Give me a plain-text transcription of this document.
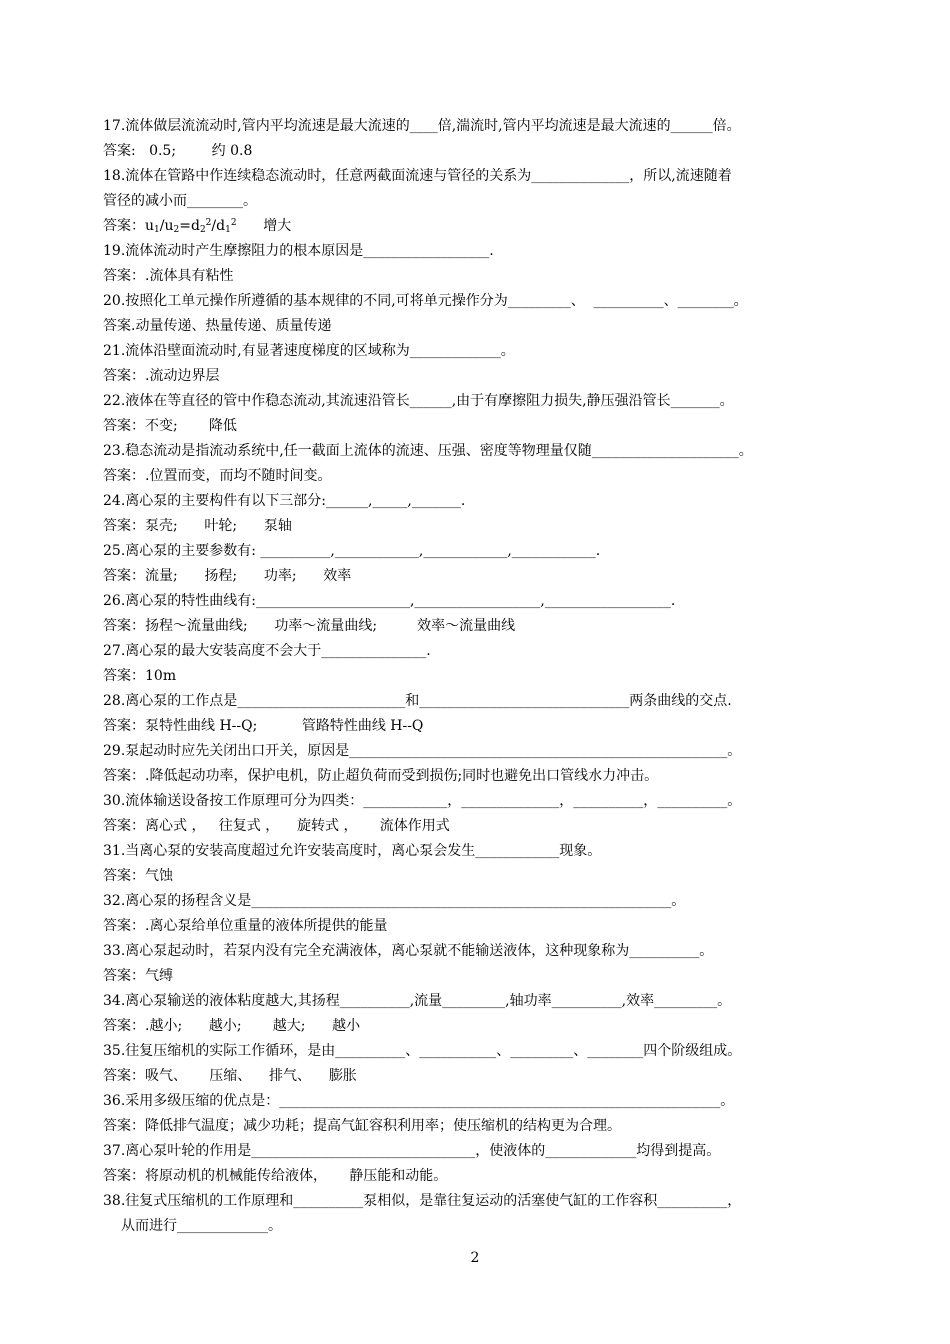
17.流体做层流流动时,管内平均流速是最大流速的____倍,湍流时,管内平均流速是最大流速的______倍。
答案:   0.5;        约 0.8
18.流体在管路中作连续稳态流动时，任意两截面流速与管径的关系为______________，所以,流速随着
管径的减小而________。
答案：$u_1/u_2=d_2^2/d_1^2$      增大
19.流体流动时产生摩擦阻力的根本原因是__________________.
答案：.流体具有粘性
20.按照化工单元操作所遵循的基本规律的不同,可将单元操作分为_________、  __________、________。
答案.动量传递、热量传递、质量传递
21.流体沿壁面流动时,有显著速度梯度的区域称为_____________。
答案：.流动边界层
22.液体在等直径的管中作稳态流动,其流速沿管长______,由于有摩擦阻力损失,静压强沿管长_______。
答案：不变;       降低
23.稳态流动是指流动系统中,任一截面上流体的流速、压强、密度等物理量仅随_____________________。
答案：.位置而变，而均不随时间变。
24.离心泵的主要构件有以下三部分:______,_____,_______.
答案：泵壳;      叶轮;      泵轴
25.离心泵的主要参数有: __________,____________,____________,____________.
答案：流量;      扬程;      功率;      效率
26.离心泵的特性曲线有:______________________,__________________,__________________.
答案：扬程～流量曲线;      功率～流量曲线;         效率～流量曲线
27.离心泵的最大安装高度不会大于_______________.
答案：10m
28.离心泵的工作点是________________________和______________________________两条曲线的交点.
答案：泵特性曲线 H--Q;          管路特性曲线 H--Q
29.泵起动时应先关闭出口开关，原因是______________________________________________________。
答案：.降低起动功率，保护电机，防止超负荷而受到损伤;同时也避免出口管线水力冲击。
30.流体输送设备按工作原理可分为四类：____________，______________，__________，__________。
答案：离心式 ，   往复式 ，    旋转式 ，     流体作用式
31.当离心泵的安装高度超过允许安装高度时，离心泵会发生____________现象。
答案：气蚀
32.离心泵的扬程含义是____________________________________________________________。
答案：.离心泵给单位重量的液体所提供的能量
33.离心泵起动时，若泵内没有完全充满液体，离心泵就不能输送液体，这种现象称为__________。
答案：气缚
34.离心泵输送的液体粘度越大,其扬程__________,流量_________,轴功率__________,效率_________。
答案：.越小;      越小;       越大;      越小
35.往复压缩机的实际工作循环，是由__________、___________、_________、________四个阶级组成。
答案：吸气、     压缩、    排气、    膨胀
36.采用多级压缩的优点是：_______________________________________________________________。
答案：降低排气温度；减少功耗；提高气缸容积利用率；使压缩机的结构更为合理。
37.离心泵叶轮的作用是________________________________，使液体的_____________均得到提高。
答案：将原动机的机械能传给液体，     静压能和动能。
38.往复式压缩机的工作原理和__________泵相似，是靠往复运动的活塞使气缸的工作容积__________，
从而进行_____________。
2
